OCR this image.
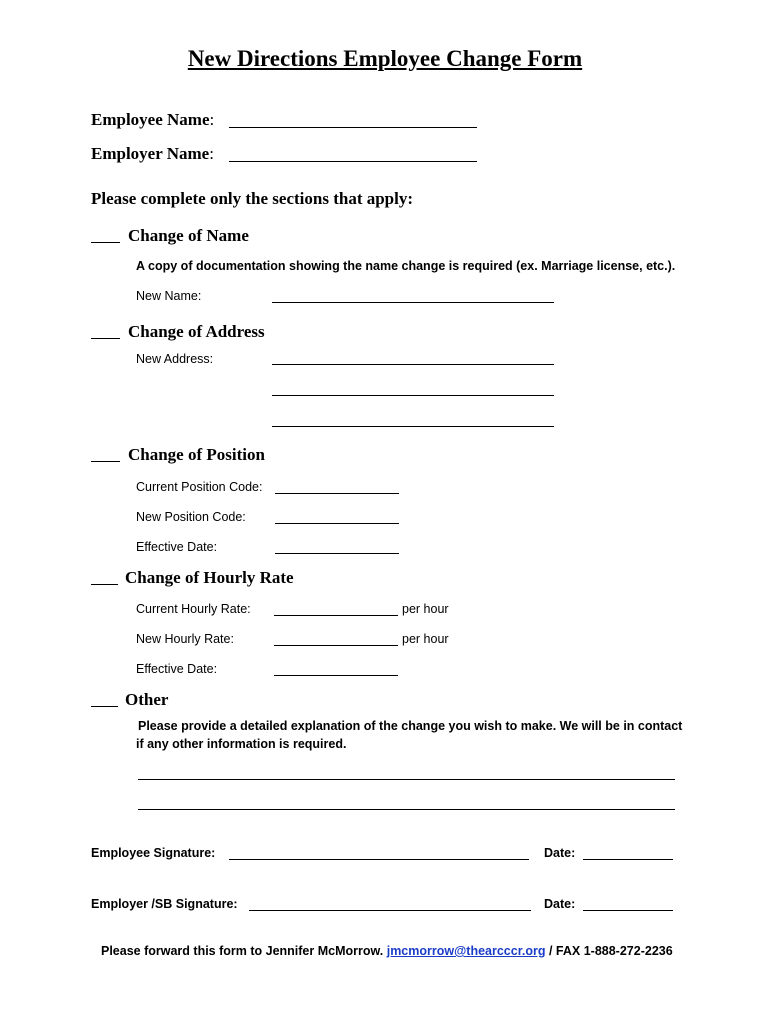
New Directions Employee Change Form
Employee Name:
Employer Name:
Please complete only the sections that apply:
Change of Name
A copy of documentation showing the name change is required (ex. Marriage license, etc.).
New Name:
Change of Address
New Address:
Change of Position
Current Position Code:
New Position Code:
Effective Date:
Change of Hourly Rate
Current Hourly Rate:	per hour
New Hourly Rate:	per hour
Effective Date:
Other
Please provide a detailed explanation of the change you wish to make. We will be in contact
if any other information is required.
Employee Signature:	Date:
Employer /SB Signature:	Date:
Please forward this form to Jennifer McMorrow. jmcmorrow@thearcccr.org / FAX 1-888-272-2236
